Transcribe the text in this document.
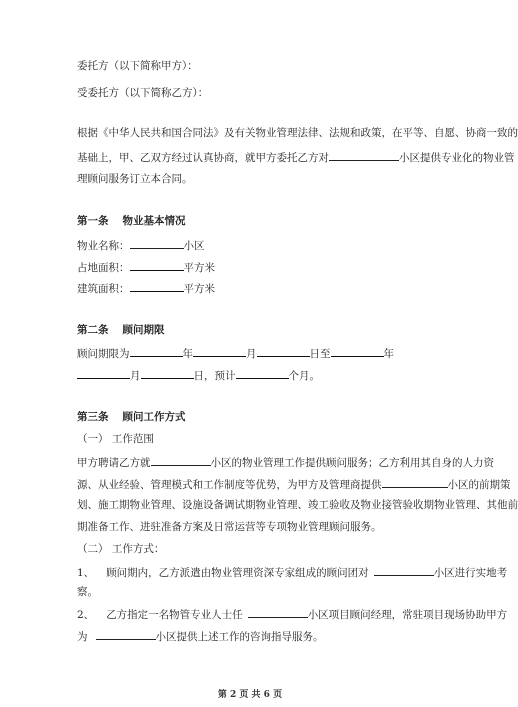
委托方（以下简称甲方）：
受委托方（以下简称乙方）：
根据《中华人民共和国合同法》及有关物业管理法律、法规和政策，在平等、自愿、协商一致的
基础上，甲、乙双方经过认真协商，就甲方委托乙方对	小区提供专业化的物业管
理顾问服务订立本合同。
第一条 物业基本情况
物业名称：	小区
占地面积：	平方米
建筑面积：	平方米
第二条 顾问期限
顾问期限为	年	月	日至	年
月	日，预计	个月。
第三条 顾问工作方式
（一） 工作范围
甲方聘请乙方就	小区的物业管理工作提供顾问服务；乙方利用其自身的人力资
源、从业经验、管理模式和工作制度等优势，为甲方及管理商提供	小区的前期策
划、施工期物业管理、设施设备调试期物业管理、竣工验收及物业接管验收期物业管理、其他前
期准备工作、进驻准备方案及日常运营等专项物业管理顾问服务。
（二） 工作方式：
1、 顾问期内，乙方派遣由物业管理资深专家组成的顾问团对	小区进行实地考
察。
2、 乙方指定一名物管专业人士任	小区项目顾问经理，常驻项目现场协助甲方
为	小区提供上述工作的咨询指导服务。
第 2 页 共 6 页
